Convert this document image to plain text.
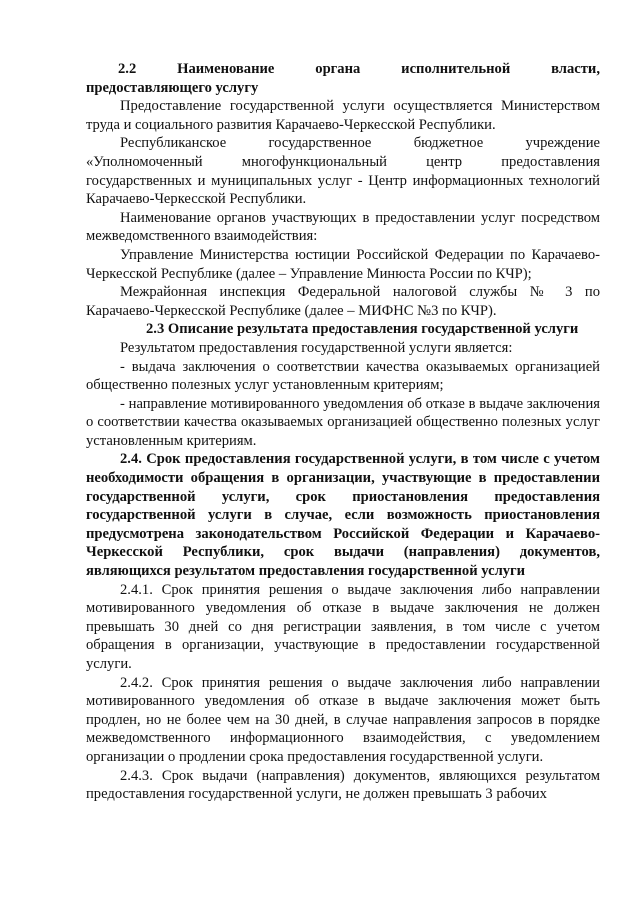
2.2	Наименование	органа	исполнительной	власти,

предоставляющего услугу

Предоставление государственной услуги осуществляется Министерством труда и социального развития Карачаево-Черкесской Республики.

Республиканское государственное бюджетное учреждение «Уполномоченный многофункциональный центр предоставления государственных и муниципальных услуг - Центр информационных технологий Карачаево-Черкесской Республики.

Наименование органов участвующих в предоставлении услуг посредством межведомственного взаимодействия:

Управление Министерства юстиции Российской Федерации по Карачаево-Черкесской Республике (далее – Управление Минюста России по КЧР);

Межрайонная инспекция Федеральной налоговой службы № 3 по Карачаево-Черкесской Республике (далее – МИФНС №3 по КЧР).

2.3 Описание результата предоставления государственной услуги

Результатом предоставления государственной услуги является:

- выдача заключения о соответствии качества оказываемых организацией общественно полезных услуг установленным критериям;

- направление мотивированного уведомления об отказе в выдаче заключения о соответствии качества оказываемых организацией общественно полезных услуг установленным критериям.

2.4. Срок предоставления государственной услуги, в том числе с учетом необходимости обращения в организации, участвующие в предоставлении государственной услуги, срок приостановления предоставления государственной услуги в случае, если возможность приостановления предусмотрена законодательством Российской Федерации и Карачаево-Черкесской Республики, срок выдачи (направления) документов, являющихся результатом предоставления государственной услуги

2.4.1. Срок принятия решения о выдаче заключения либо направлении мотивированного уведомления об отказе в выдаче заключения не должен превышать 30 дней со дня регистрации заявления, в том числе с учетом обращения в организации, участвующие в предоставлении государственной услуги.

2.4.2. Срок принятия решения о выдаче заключения либо направлении мотивированного уведомления об отказе в выдаче заключения может быть продлен, но не более чем на 30 дней, в случае направления запросов в порядке межведомственного информационного взаимодействия, с уведомлением организации о продлении срока предоставления государственной услуги.

2.4.3. Срок выдачи (направления) документов, являющихся результатом предоставления государственной услуги, не должен превышать 3 рабочих
